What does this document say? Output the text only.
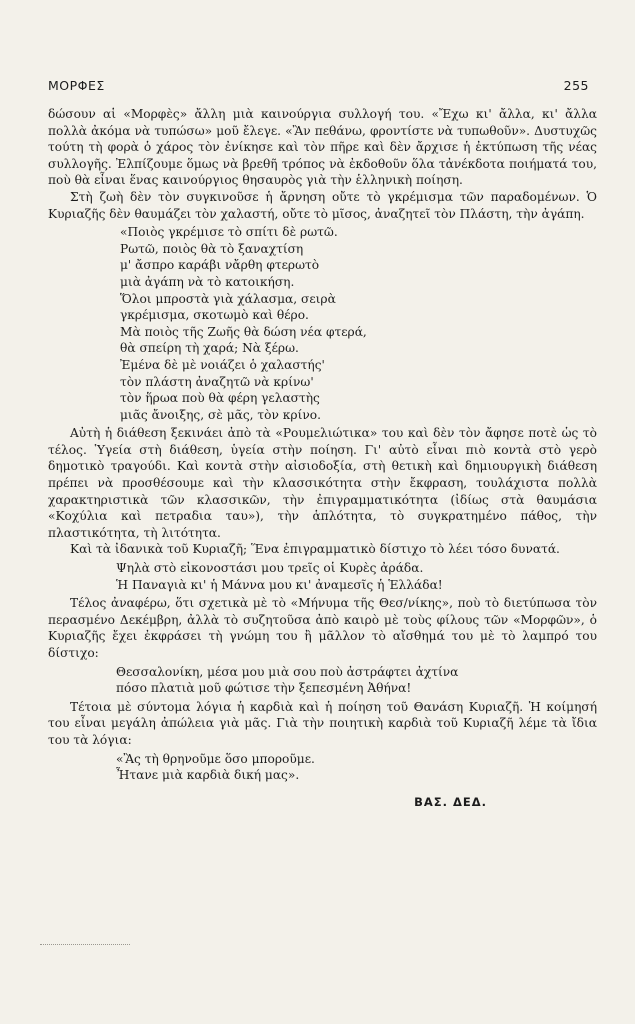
ΜΟΡΦΕΣ	255

δώσουν αἱ «Μορφὲς» ἄλλη μιὰ καινούργια συλλογή του. «Ἔχω κι' ἄλλα, κι' ἄλλα πολλὰ ἀκόμα νὰ τυπώσω» μοῦ ἔλεγε. «Ἂν πεθάνω, φροντίστε νὰ τυπωθοῦν». Δυστυχῶς τούτη τὴ φορὰ ὁ χάρος τὸν ἐνίκησε καὶ τὸν πῆρε καὶ δὲν ἄρχισε ἡ ἐκτύπωση τῆς νέας συλλογῆς. Ἐλπίζουμε ὅμως νὰ βρεθῆ τρόπος νὰ ἐκδοθοῦν ὅλα τἀνέκδοτα ποιήματά του, ποὺ θὰ εἶναι ἕνας καινούργιος θησαυρὸς γιὰ τὴν ἑλληνικὴ ποίηση.

Στὴ ζωὴ δὲν τὸν συγκινοῦσε ἡ ἄρνηση οὔτε τὸ γκρέμισμα τῶν παραδομένων. Ὁ Κυριαζῆς δὲν θαυμάζει τὸν χαλαστή, οὔτε τὸ μῖσος, ἀναζητεῖ τὸν Πλάστη, τὴν ἀγάπη.

«Ποιὸς γκρέμισε τὸ σπίτι δὲ ρωτῶ.
Ρωτῶ, ποιὸς θὰ τὸ ξαναχτίση
μ' ἄσπρο καράβι νἄρθη φτερωτὸ
μιὰ ἀγάπη νὰ τὸ κατοικήση.
Ὅλοι μπροστὰ γιὰ χάλασμα, σειρὰ
γκρέμισμα, σκοτωμὸ καὶ θέρο.
Μὰ ποιὸς τῆς Ζωῆς θὰ δώση νέα φτερά,
θὰ σπείρη τὴ χαρά; Νὰ ξέρω.
Ἐμένα δὲ μὲ νοιάζει ὁ χαλαστής'
τὸν πλάστη ἀναζητῶ νὰ κρίνω'
τὸν ἥρωα ποὺ θὰ φέρη γελαστὴς
μιᾶς ἄνοιξης, σὲ μᾶς, τὸν κρίνο.

Αὐτὴ ἡ διάθεση ξεκινάει ἀπὸ τὰ «Ρουμελιώτικα» του καὶ δὲν τὸν ἄφησε ποτὲ ὡς τὸ τέλος. Ὑγεία στὴ διάθεση, ὑγεία στὴν ποίηση. Γι' αὐτὸ εἶναι πιὸ κοντὰ στὸ γερὸ δημοτικὸ τραγούδι. Καὶ κοντὰ στὴν αἰσιοδοξία, στὴ θετικὴ καὶ δημιουργικὴ διάθεση πρέπει νὰ προσθέσουμε καὶ τὴν κλασσικότητα στὴν ἔκφραση, τουλάχιστα πολλὰ χαρακτηριστικὰ τῶν κλασσικῶν, τὴν ἐπιγραμματικότητα (ἰδίως στὰ θαυμάσια «Κοχύλια καὶ πετραδια ταυ»), τὴν ἁπλότητα, τὸ συγκρατημένο πάθος, τὴν πλαστικότητα, τὴ λιτότητα.

Καὶ τὰ ἰδανικὰ τοῦ Κυριαζῆ; Ἕνα ἐπιγραμματικὸ δίστιχο τὸ λέει τόσο δυνατά.

Ψηλὰ στὸ εἰκονοστάσι μου τρεῖς οἱ Κυρὲς ἀράδα.
Ἡ Παναγιὰ κι' ἡ Μάννα μου κι' ἀναμεσῖς ἡ Ἑλλάδα!

Τέλος ἀναφέρω, ὅτι σχετικὰ μὲ τὸ «Μήνυμα τῆς Θεσ/νίκης», ποὺ τὸ διετύπωσα τὸν περασμένο Δεκέμβρη, ἀλλὰ τὸ συζητοῦσα ἀπὸ καιρὸ μὲ τοὺς φίλους τῶν «Μορφῶν», ὁ Κυριαζῆς ἔχει ἐκφράσει τὴ γνώμη του ἢ μᾶλλον τὸ αἴσθημά του μὲ τὸ λαμπρό του δίστιχο:

Θεσσαλονίκη, μέσα μου μιὰ σου ποὺ ἀστράφτει ἀχτίνα
πόσο πλατιὰ μοῦ φώτισε τὴν ξεπεσμένη Ἀθήνα!

Τέτοια μὲ σύντομα λόγια ἡ καρδιὰ καὶ ἡ ποίηση τοῦ Θανάση Κυριαζῆ. Ἡ κοίμησή του εἶναι μεγάλη ἀπώλεια γιὰ μᾶς. Γιὰ τὴν ποιητικὴ καρδιὰ τοῦ Κυριαζῆ λέμε τὰ ἴδια του τὰ λόγια:

«Ἂς τὴ θρηνοῦμε ὅσο μποροῦμε.
Ἦτανε μιὰ καρδιὰ δική μας».
ΒΑΣ. ΔΕΔ.
